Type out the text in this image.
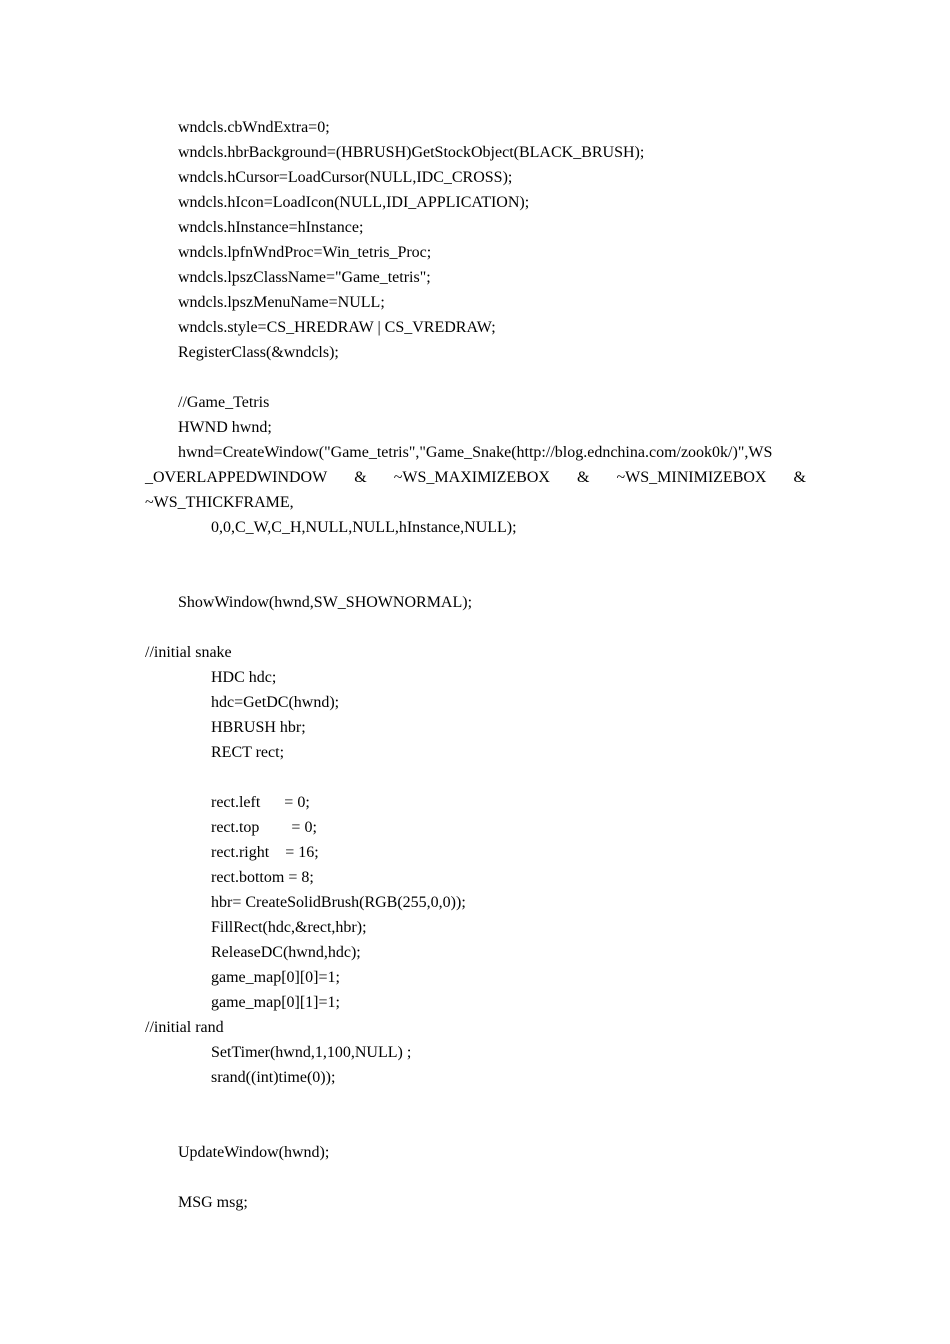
wndcls.cbWndExtra=0;
wndcls.hbrBackground=(HBRUSH)GetStockObject(BLACK_BRUSH);
wndcls.hCursor=LoadCursor(NULL,IDC_CROSS);
wndcls.hIcon=LoadIcon(NULL,IDI_APPLICATION);
wndcls.hInstance=hInstance;
wndcls.lpfnWndProc=Win_tetris_Proc;
wndcls.lpszClassName="Game_tetris";
wndcls.lpszMenuName=NULL;
wndcls.style=CS_HREDRAW | CS_VREDRAW;
RegisterClass(&wndcls);
//Game_Tetris
HWND hwnd;
hwnd=CreateWindow("Game_tetris","Game_Snake(http://blog.ednchina.com/zook0k/)",WS
_OVERLAPPEDWINDOW & ~WS_MAXIMIZEBOX & ~WS_MINIMIZEBOX &
~WS_THICKFRAME,
0,0,C_W,C_H,NULL,NULL,hInstance,NULL);
ShowWindow(hwnd,SW_SHOWNORMAL);
//initial snake
HDC hdc;
hdc=GetDC(hwnd);
HBRUSH hbr;
RECT rect;
rect.left      = 0;
rect.top        = 0;
rect.right    = 16;
rect.bottom = 8;
hbr= CreateSolidBrush(RGB(255,0,0));
FillRect(hdc,&rect,hbr);
ReleaseDC(hwnd,hdc);
game_map[0][0]=1;
game_map[0][1]=1;
//initial rand
SetTimer(hwnd,1,100,NULL) ;
srand((int)time(0));
UpdateWindow(hwnd);
MSG msg;
